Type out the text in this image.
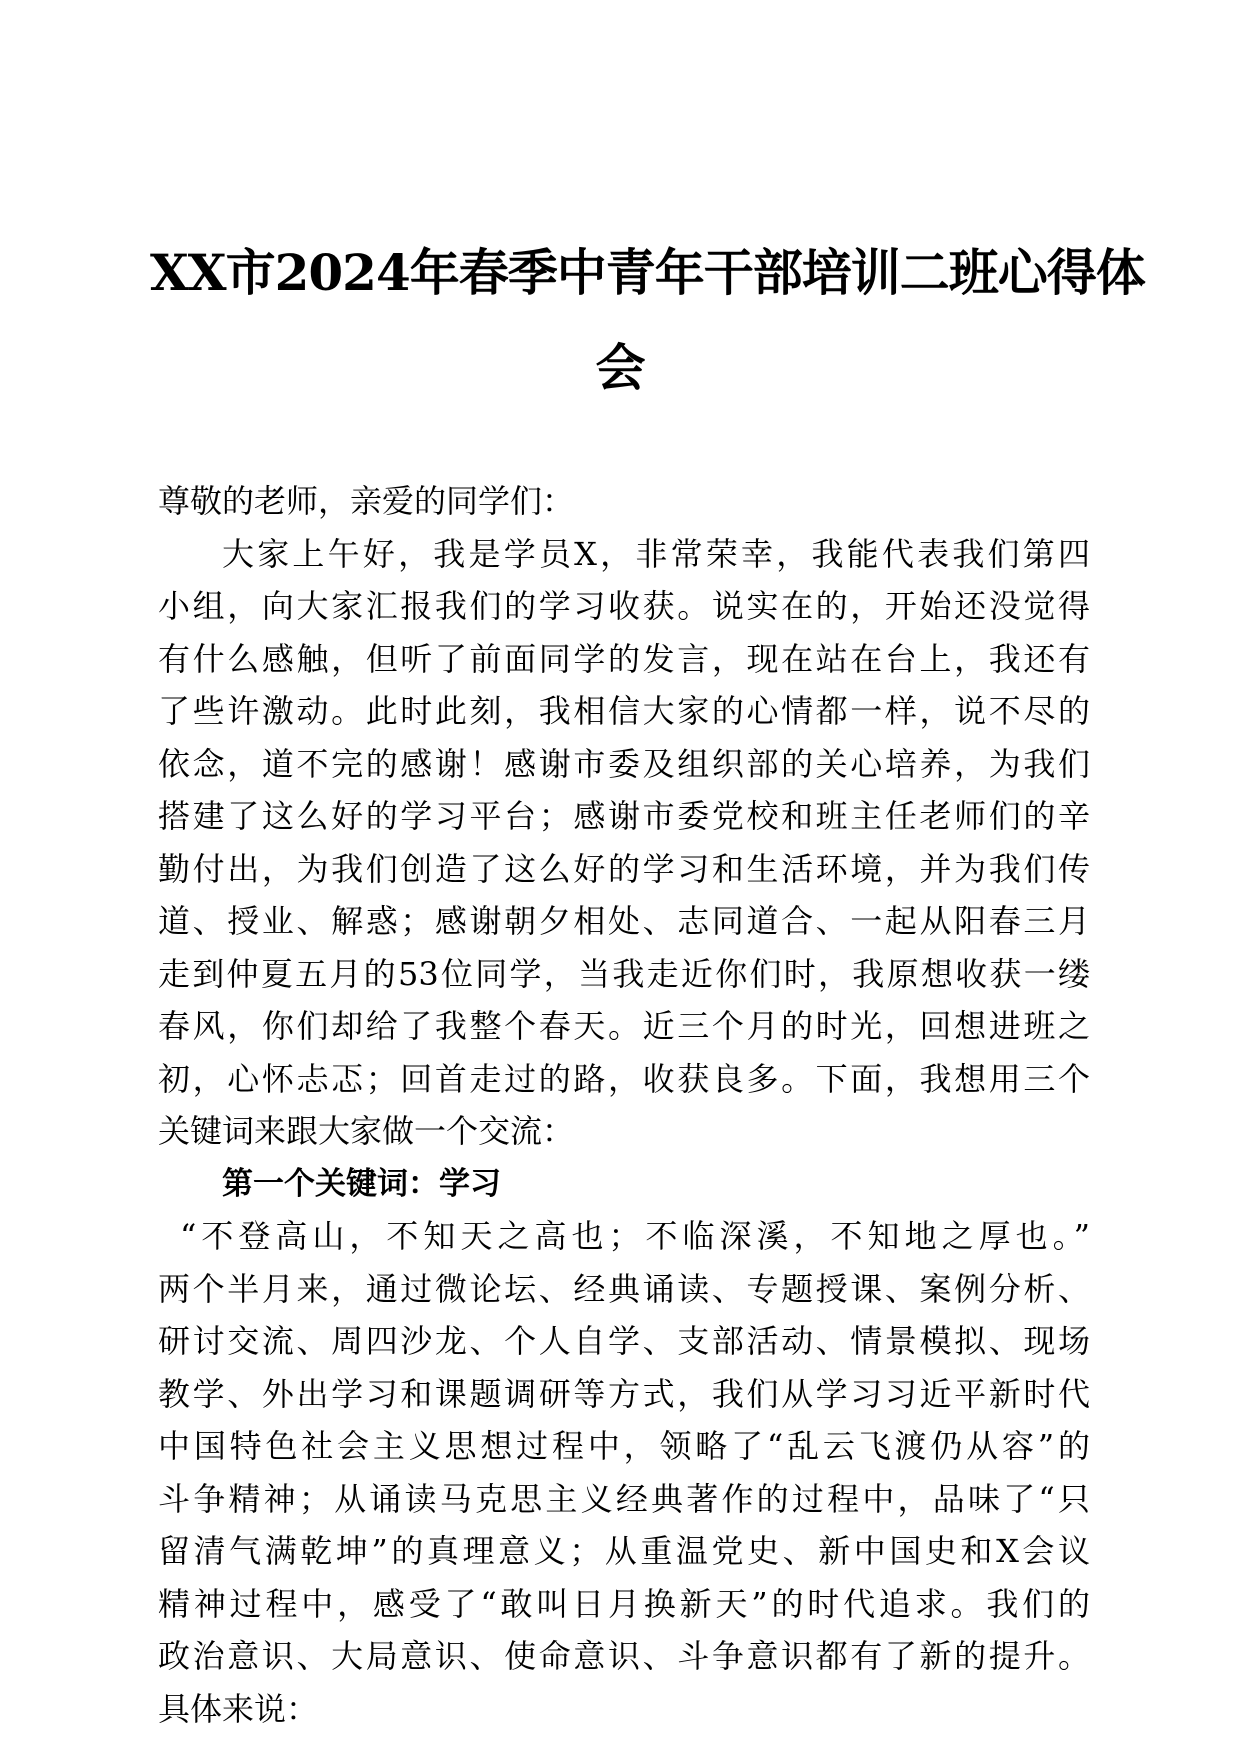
XX市2024年春季中青年干部培训二班心得体
会
尊敬的老师，亲爱的同学们：
大家上午好，我是学员X，非常荣幸，我能代表我们第四
小组，向大家汇报我们的学习收获。说实在的，开始还没觉得
有什么感触，但听了前面同学的发言，现在站在台上，我还有
了些许激动。此时此刻，我相信大家的心情都一样，说不尽的
依念，道不完的感谢！感谢市委及组织部的关心培养，为我们
搭建了这么好的学习平台；感谢市委党校和班主任老师们的辛
勤付出，为我们创造了这么好的学习和生活环境，并为我们传
道、授业、解惑；感谢朝夕相处、志同道合、一起从阳春三月
走到仲夏五月的53位同学，当我走近你们时，我原想收获一缕
春风，你们却给了我整个春天。近三个月的时光，回想进班之
初，心怀忐忑；回首走过的路，收获良多。下面，我想用三个
关键词来跟大家做一个交流：
第一个关键词：学习
“不登高山，不知天之高也；不临深溪，不知地之厚也。”
两个半月来，通过微论坛、经典诵读、专题授课、案例分析、
研讨交流、周四沙龙、个人自学、支部活动、情景模拟、现场
教学、外出学习和课题调研等方式，我们从学习习近平新时代
中国特色社会主义思想过程中，领略了“乱云飞渡仍从容”的
斗争精神；从诵读马克思主义经典著作的过程中，品味了“只
留清气满乾坤”的真理意义；从重温党史、新中国史和X会议
精神过程中，感受了“敢叫日月换新天”的时代追求。我们的
政治意识、大局意识、使命意识、斗争意识都有了新的提升。
具体来说：
